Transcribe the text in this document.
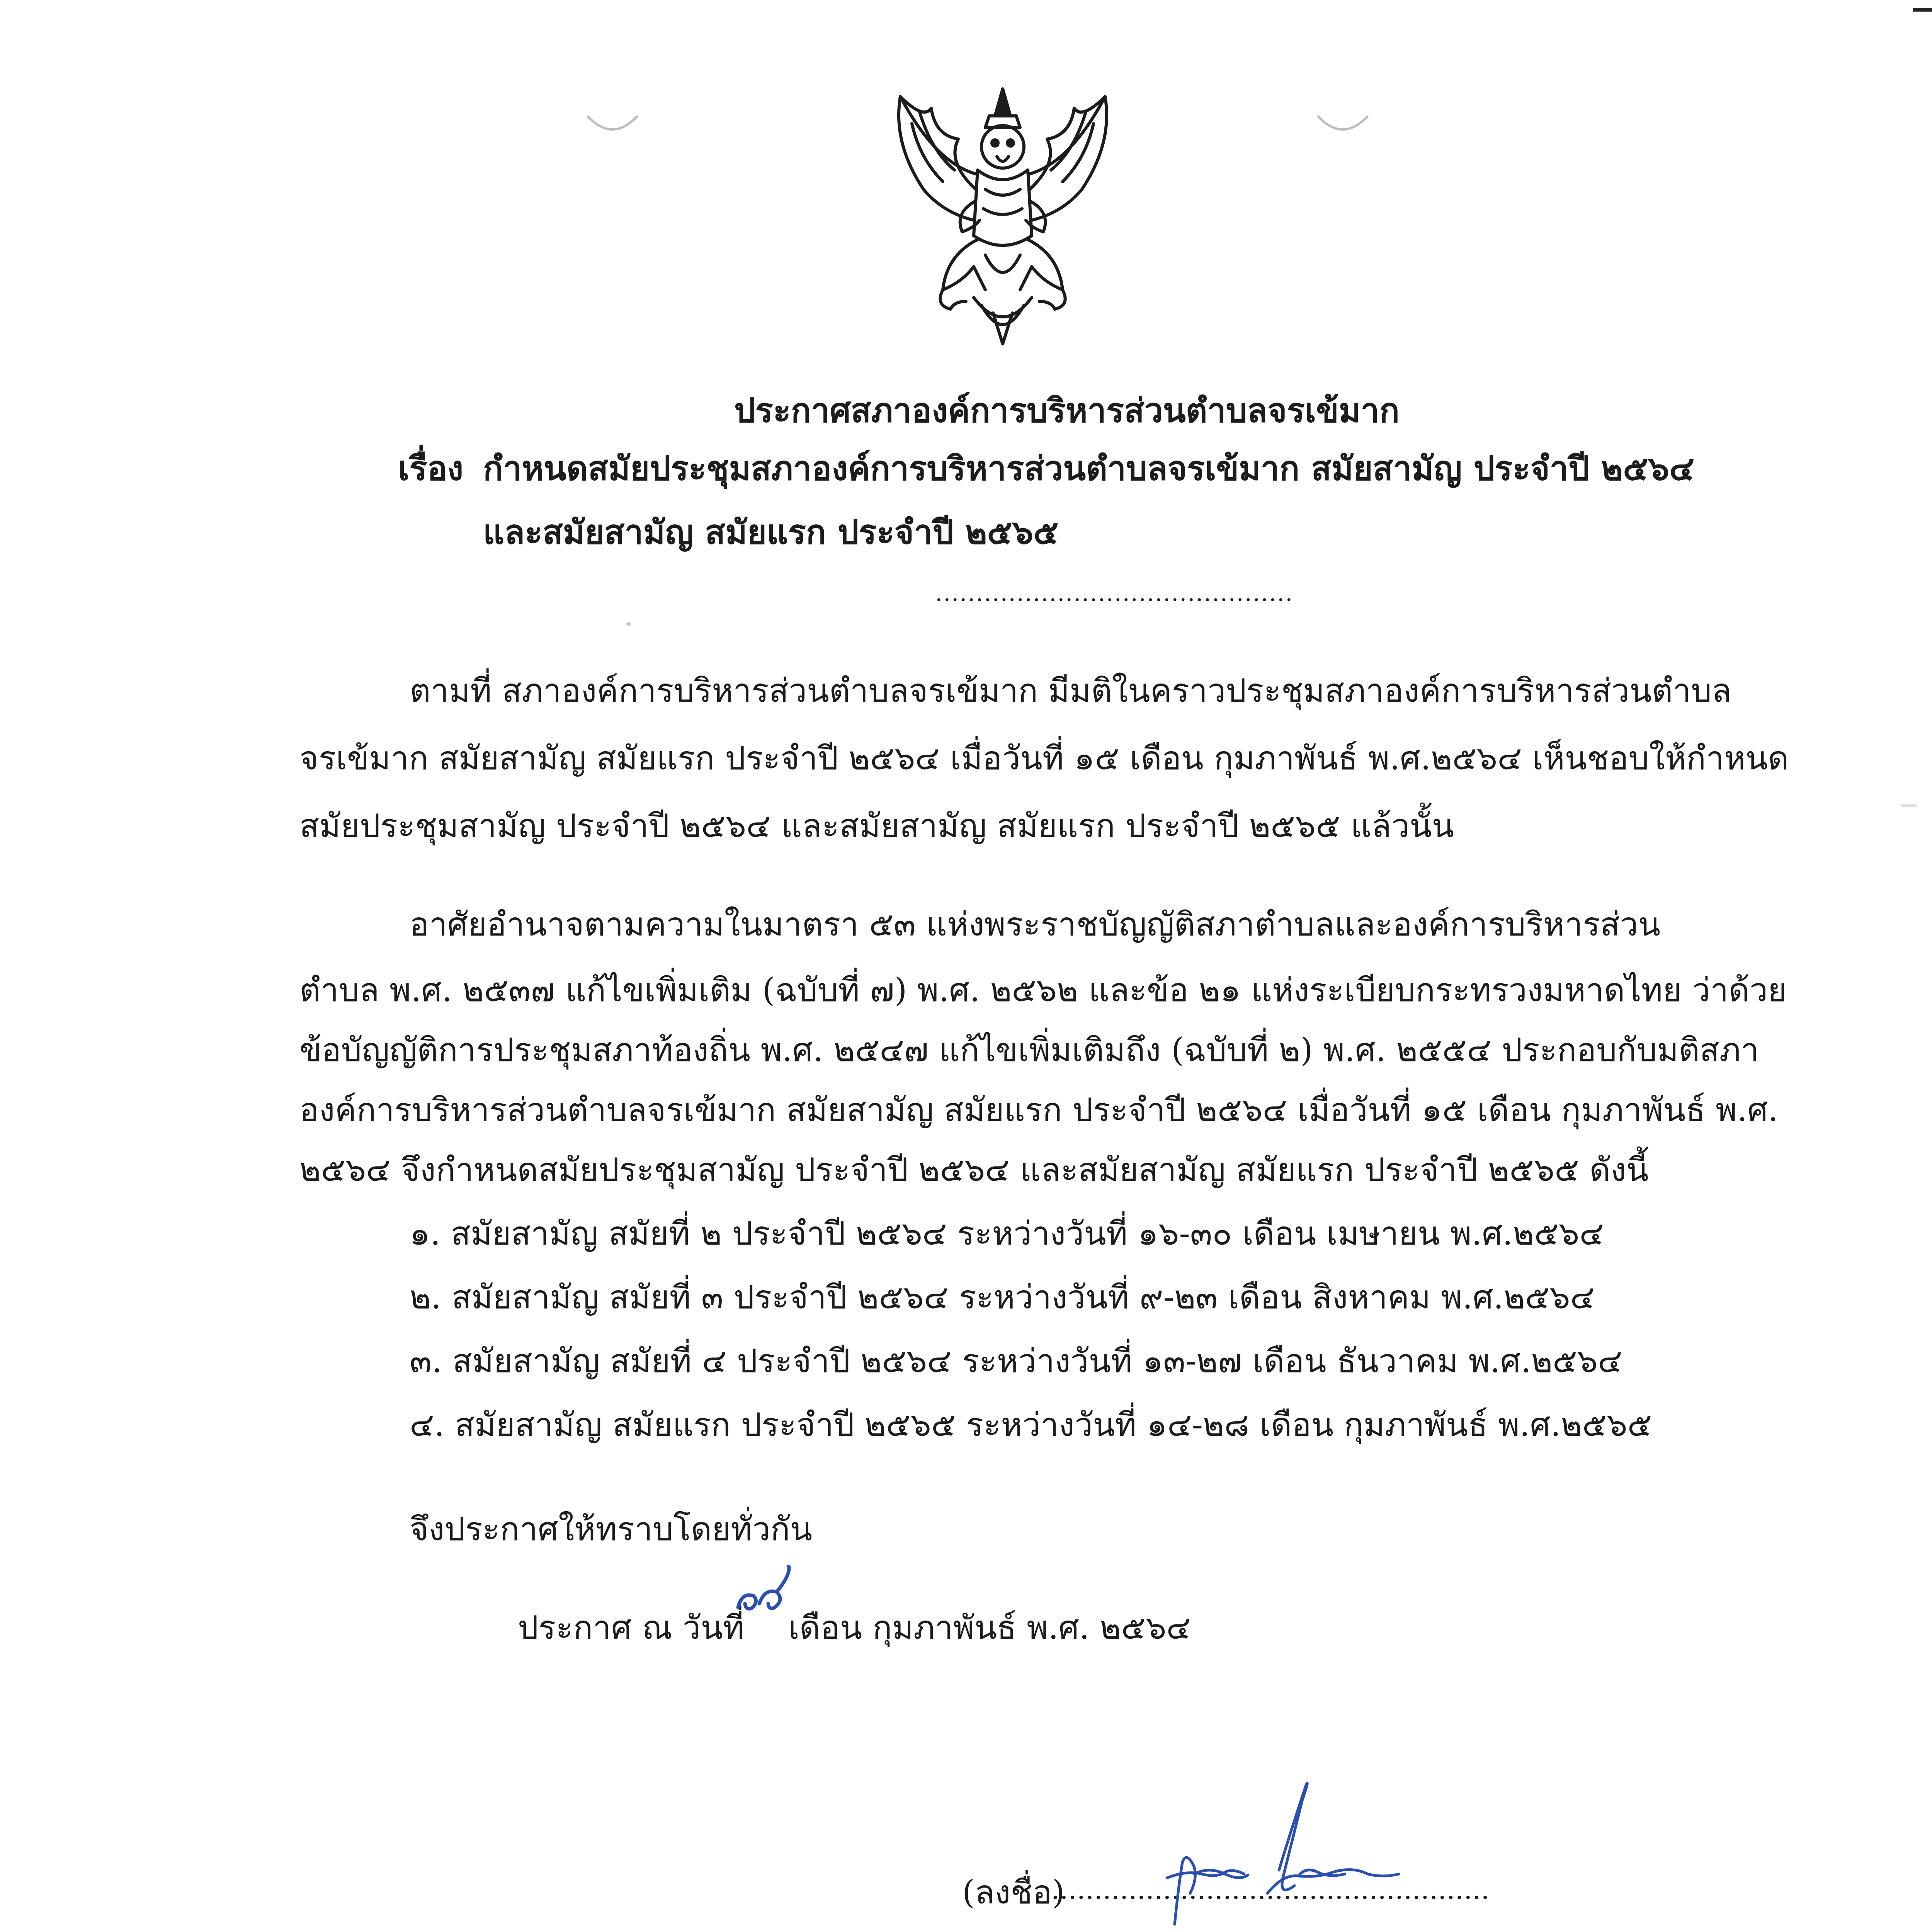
ประกาศสภาองค์การบริหารส่วนตำบลจรเข้มาก
เรื่อง กำหนดสมัยประชุมสภาองค์การบริหารส่วนตำบลจรเข้มาก สมัยสามัญ ประจำปี ๒๕๖๔
และสมัยสามัญ สมัยแรก ประจำปี ๒๕๖๕
............................................
ตามที่ สภาองค์การบริหารส่วนตำบลจรเข้มาก มีมติในคราวประชุมสภาองค์การบริหารส่วนตำบล
จรเข้มาก สมัยสามัญ สมัยแรก ประจำปี ๒๕๖๔ เมื่อวันที่ ๑๕ เดือน กุมภาพันธ์ พ.ศ.๒๕๖๔ เห็นชอบให้กำหนด
สมัยประชุมสามัญ ประจำปี ๒๕๖๔ และสมัยสามัญ สมัยแรก ประจำปี ๒๕๖๕ แล้วนั้น
อาศัยอำนาจตามความในมาตรา ๕๓ แห่งพระราชบัญญัติสภาตำบลและองค์การบริหารส่วน
ตำบล พ.ศ. ๒๕๓๗ แก้ไขเพิ่มเติม (ฉบับที่ ๗) พ.ศ. ๒๕๖๒ และข้อ ๒๑ แห่งระเบียบกระทรวงมหาดไทย ว่าด้วย
ข้อบัญญัติการประชุมสภาท้องถิ่น พ.ศ. ๒๕๔๗ แก้ไขเพิ่มเติมถึง (ฉบับที่ ๒) พ.ศ. ๒๕๕๔ ประกอบกับมติสภา
องค์การบริหารส่วนตำบลจรเข้มาก สมัยสามัญ สมัยแรก ประจำปี ๒๕๖๔ เมื่อวันที่ ๑๕ เดือน กุมภาพันธ์ พ.ศ.
๒๕๖๔ จึงกำหนดสมัยประชุมสามัญ ประจำปี ๒๕๖๔ และสมัยสามัญ สมัยแรก ประจำปี ๒๕๖๕ ดังนี้
๑. สมัยสามัญ สมัยที่ ๒ ประจำปี ๒๕๖๔ ระหว่างวันที่ ๑๖-๓๐ เดือน เมษายน พ.ศ.๒๕๖๔
๒. สมัยสามัญ สมัยที่ ๓ ประจำปี ๒๕๖๔ ระหว่างวันที่ ๙-๒๓ เดือน สิงหาคม พ.ศ.๒๕๖๔
๓. สมัยสามัญ สมัยที่ ๔ ประจำปี ๒๕๖๔ ระหว่างวันที่ ๑๓-๒๗ เดือน ธันวาคม พ.ศ.๒๕๖๔
๔. สมัยสามัญ สมัยแรก ประจำปี ๒๕๖๕ ระหว่างวันที่ ๑๔-๒๘ เดือน กุมภาพันธ์ พ.ศ.๒๕๖๕
จึงประกาศให้ทราบโดยทั่วกัน
ประกาศ ณ วันที่ เดือน กุมภาพันธ์ พ.ศ. ๒๕๖๔
(ลงชื่อ)
...................................................
